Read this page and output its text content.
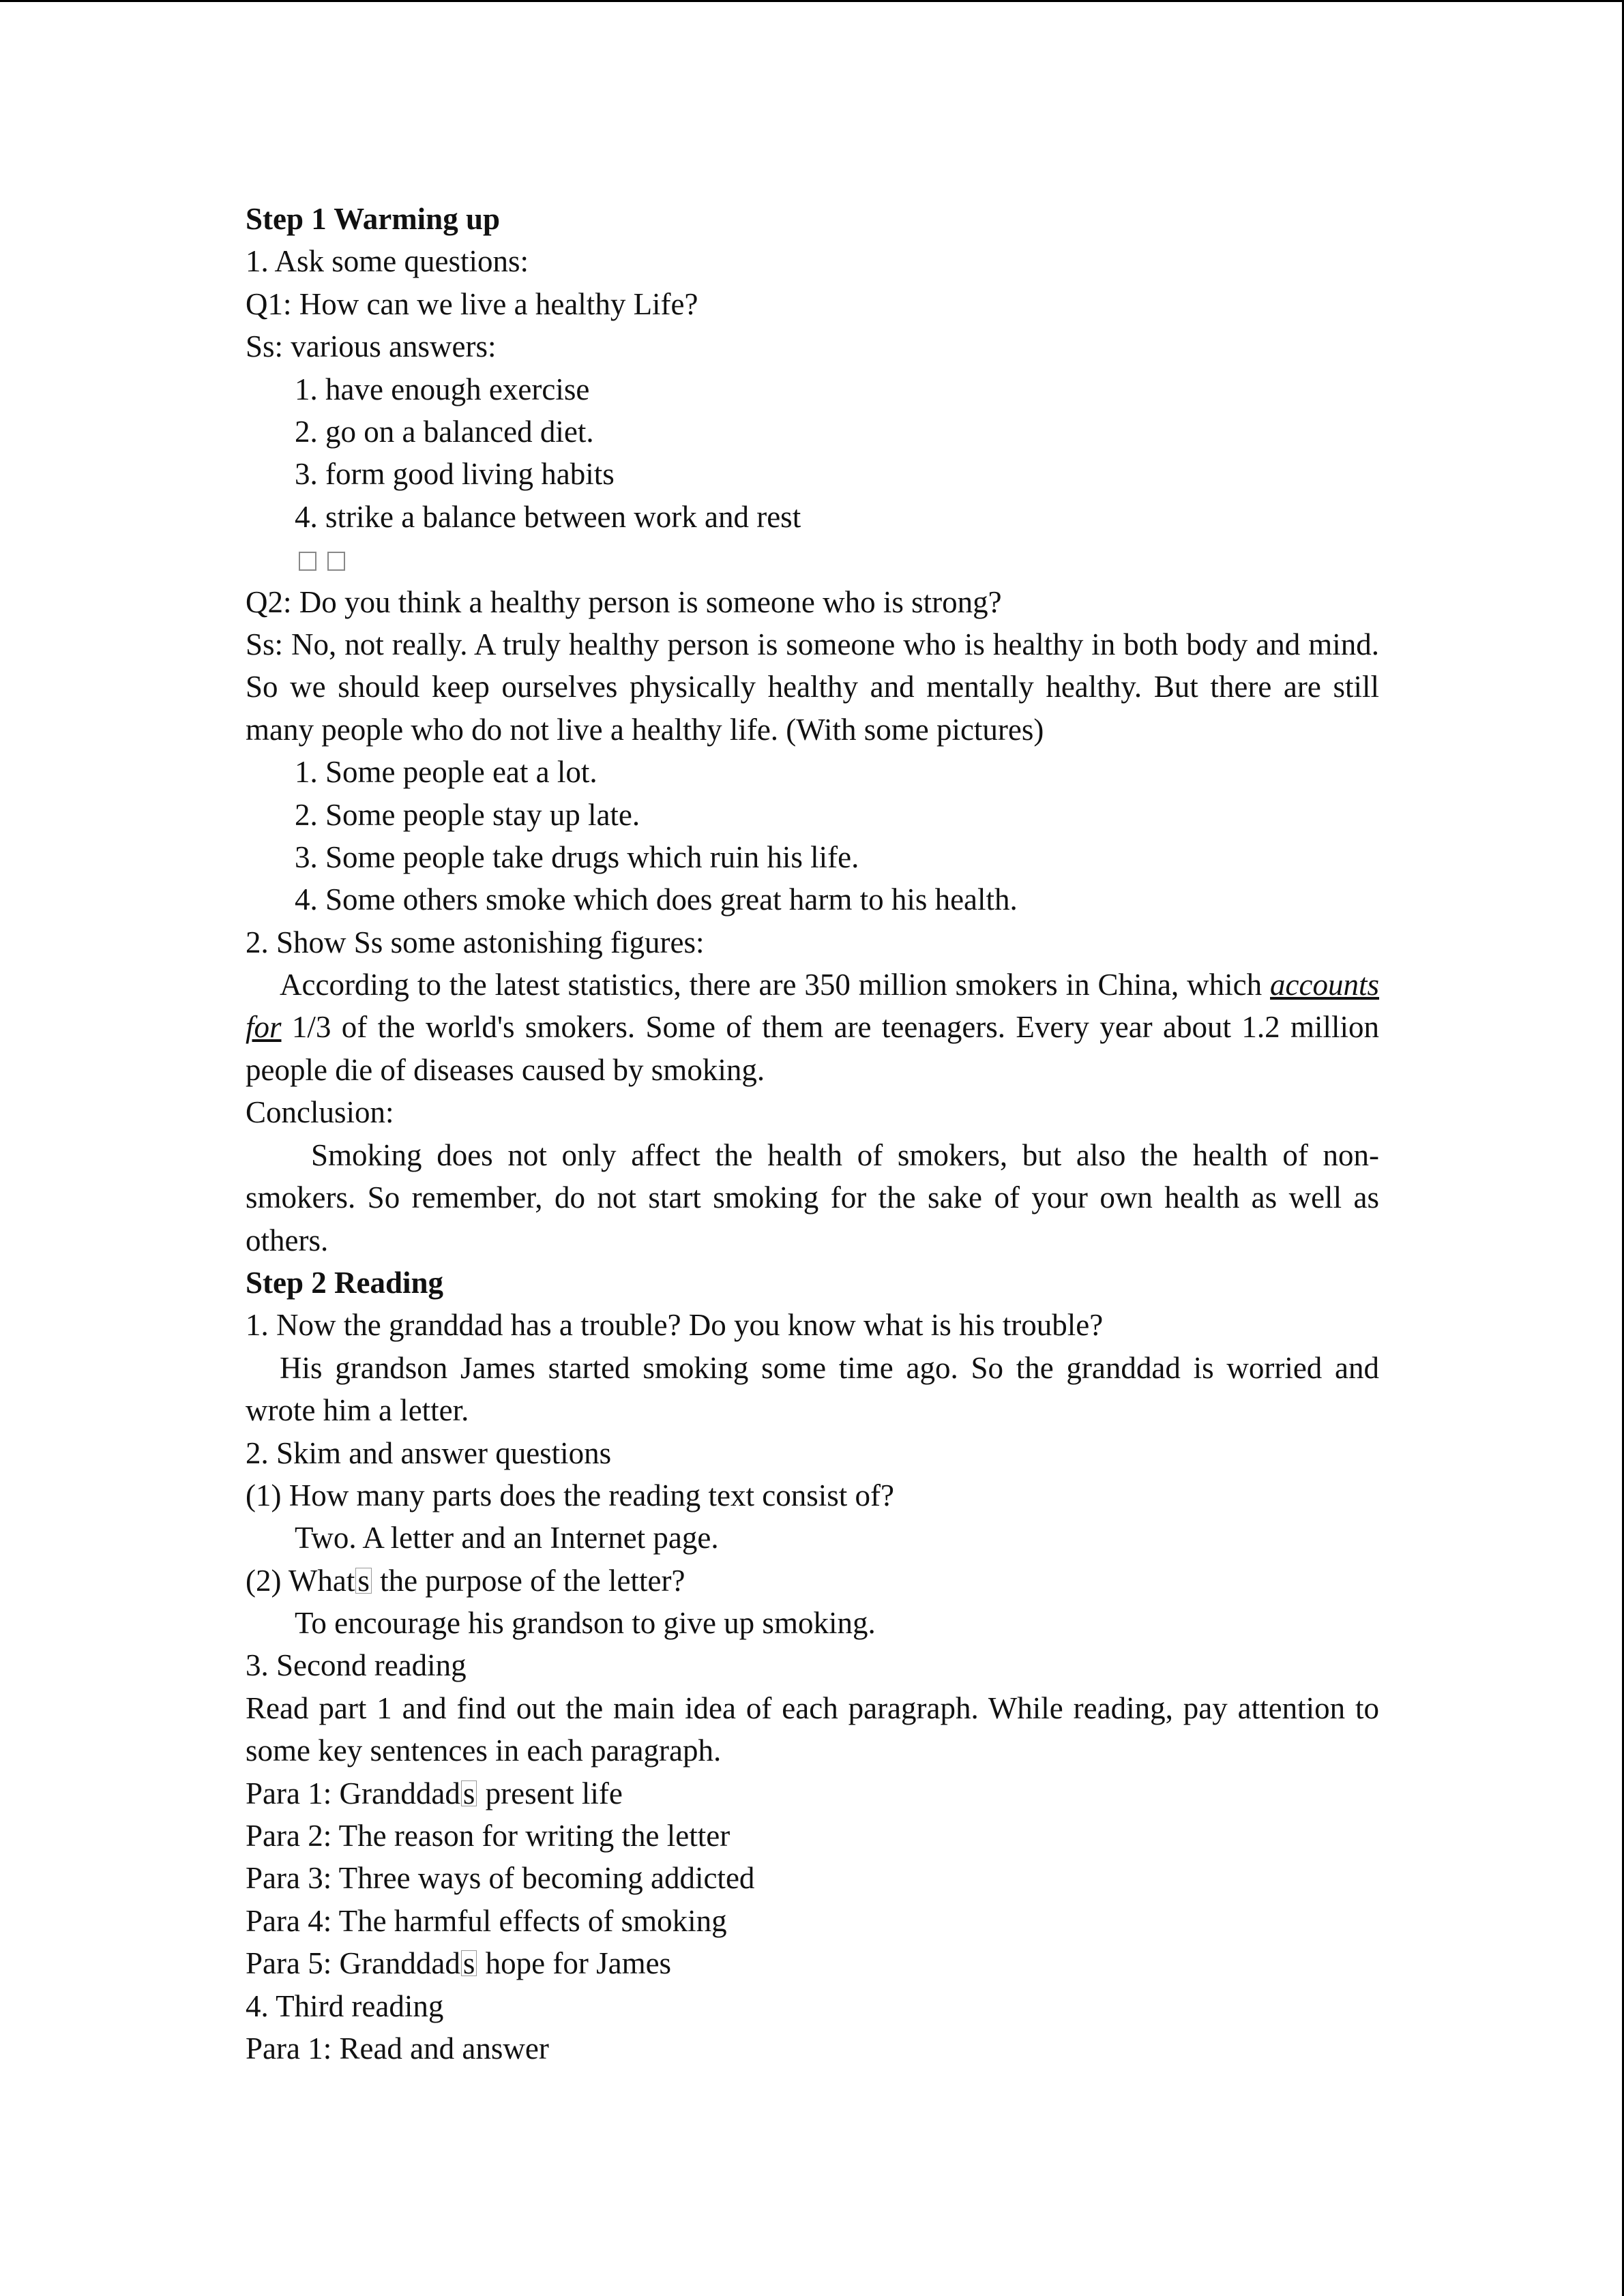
Step 1 Warming up
1. Ask some questions:
Q1: How can we live a healthy Life?
Ss: various answers:
1. have enough exercise
2. go on a balanced diet.
3. form good living habits
4. strike a balance between work and rest
Q2: Do you think a healthy person is someone who is strong?
Ss: No, not really. A truly healthy person is someone who is healthy in both body and mind. So we should keep ourselves physically healthy and mentally healthy. But there are still many people who do not live a healthy life. (With some pictures)
1. Some people eat a lot.
2. Some people stay up late.
3. Some people take drugs which ruin his life.
4. Some others smoke which does great harm to his health.
2. Show Ss some astonishing figures:
According to the latest statistics, there are 350 million smokers in China, which accounts for 1/3 of the world's smokers. Some of them are teenagers. Every year about 1.2 million people die of diseases caused by smoking.
Conclusion:
Smoking does not only affect the health of smokers, but also the health of non-smokers. So remember, do not start smoking for the sake of your own health as well as others.
Step 2 Reading
1. Now the granddad has a trouble? Do you know what is his trouble?
His grandson James started smoking some time ago. So the granddad is worried and wrote him a letter.
2. Skim and answer questions
(1) How many parts does the reading text consist of?
Two. A letter and an Internet page.
(2) Whats the purpose of the letter?
To encourage his grandson to give up smoking.
3. Second reading
Read part 1 and find out the main idea of each paragraph. While reading, pay attention to some key sentences in each paragraph.
Para 1: Granddads present life
Para 2: The reason for writing the letter
Para 3: Three ways of becoming addicted
Para 4: The harmful effects of smoking
Para 5: Granddads hope for James
4. Third reading
Para 1: Read and answer
